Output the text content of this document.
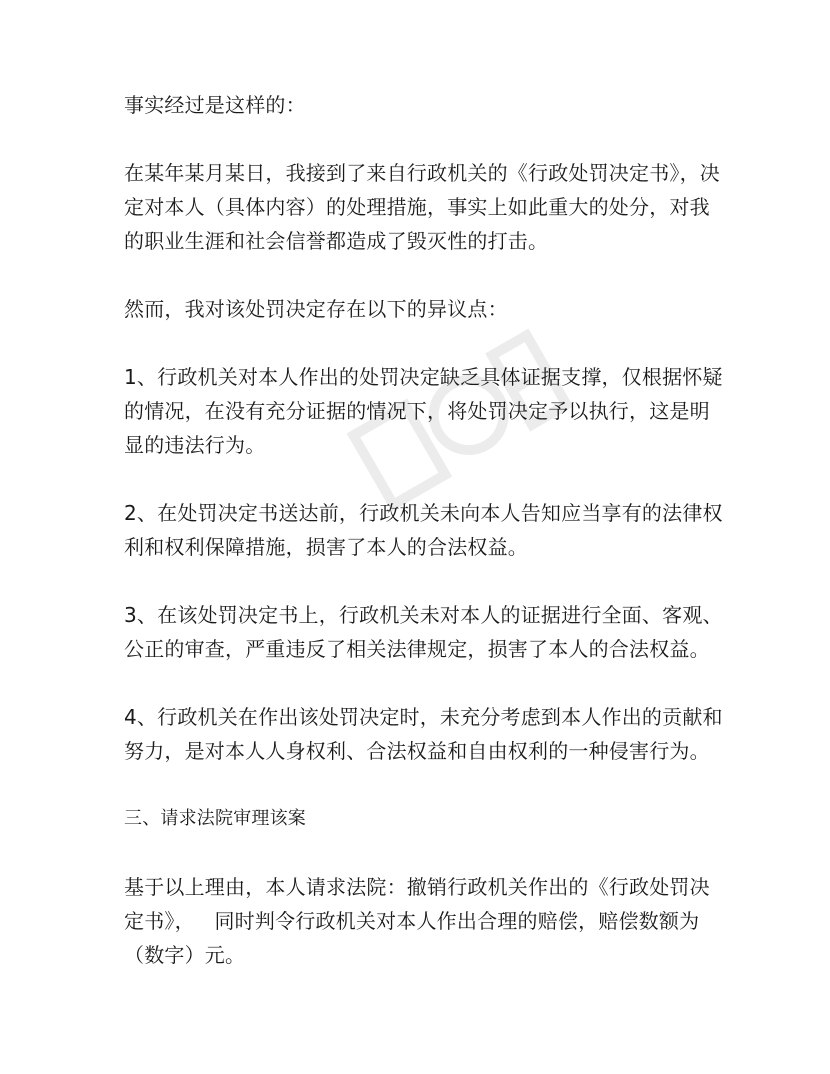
事实经过是这样的：

在某年某月某日，我接到了来自行政机关的《行政处罚决定书》，决定对本人（具体内容）的处理措施，事实上如此重大的处分，对我的职业生涯和社会信誉都造成了毁灭性的打击。

然而，我对该处罚决定存在以下的异议点：

1、行政机关对本人作出的处罚决定缺乏具体证据支撑，仅根据怀疑的情况，在没有充分证据的情况下，将处罚决定予以执行，这是明显的违法行为。

2、在处罚决定书送达前，行政机关未向本人告知应当享有的法律权利和权利保障措施，损害了本人的合法权益。

3、在该处罚决定书上，行政机关未对本人的证据进行全面、客观、公正的审查，严重违反了相关法律规定，损害了本人的合法权益。

4、行政机关在作出该处罚决定时，未充分考虑到本人作出的贡献和努力，是对本人人身权利、合法权益和自由权利的一种侵害行为。

三、请求法院审理该案

基于以上理由，本人请求法院：撤销行政机关作出的《行政处罚决定书》，   同时判令行政机关对本人作出合理的赔偿，赔偿数额为（数字）元。
